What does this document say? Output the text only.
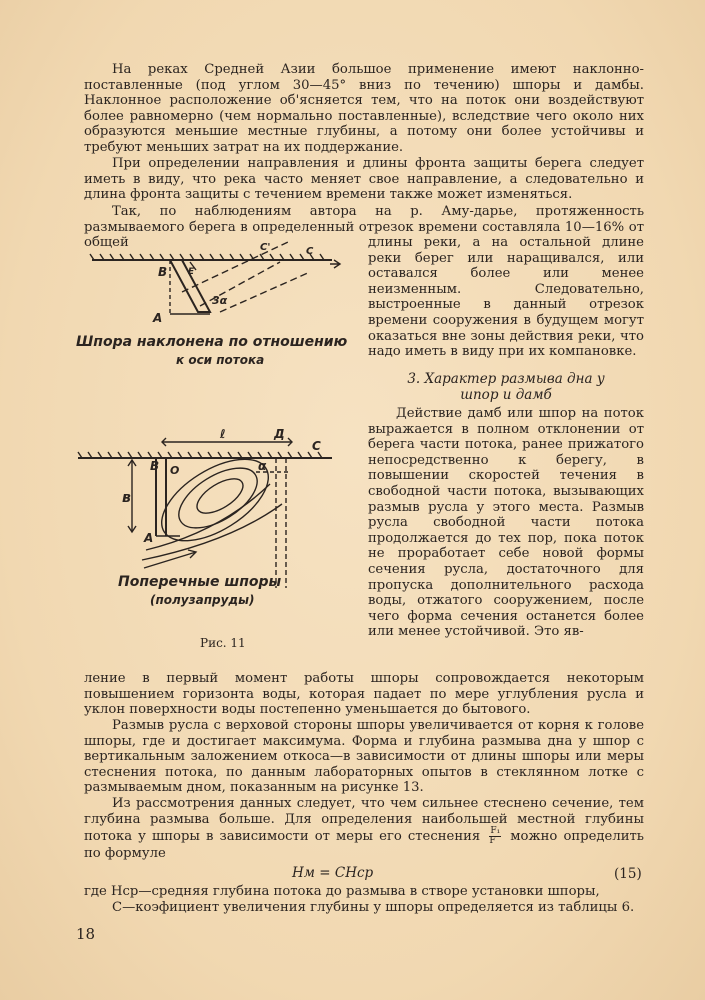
На реках Средней Азии большое применение имеют наклонно-поставленные (под углом 30—45° вниз по течению) шпоры и дамбы. Наклонное расположение об'ясняется тем, что на поток они воздействуют более равномерно (чем нормально поставленные), вследствие чего около них образуются меньшие местные глубины, а потому они более устойчивы и требуют меньших затрат на их поддержание.

При определении направления и длины фронта защиты берега следует иметь в виду, что река часто меняет свое направление, а следовательно и длина фронта защиты с течением времени также может изменяться.

Так, по наблюдениям автора на р. Аму-дарье, протяженность размываемого берега в определенный отрезок времени составляла 10—16% от общей	длины реки, а на остальной длине реки берег или наращивался, или оставался более или менее неизменным. Следовательно, выстроенные в данный отрезок времени сооружения в будущем могут оказаться вне зоны действия реки, что надо иметь в виду при их компановке.

3. Характер размыва дна у
шпор и дамб

Действие дамб или шпор на поток выражается в полном отклонении от берега части потока, ранее прижатого непосредственно к берегу, в повышении скоростей течения в свободной части потока, вызывающих размыв русла у этого места. Размыв русла свободной части потока продолжается до тех пор, пока поток не проработает себе новой формы сечения русла, достаточного для пропуска дополнительного расхода воды, отжатого сооружением, после чего форма сечения останется более или менее устойчивой. Это яв-

ление в первый момент работы шпоры сопровождается некоторым повышением горизонта воды, которая падает по мере углубления русла и уклон поверхности воды постепенно уменьшается до бытового.

Размыв русла с верховой стороны шпоры увеличивается от корня к голове шпоры, где и достигает максимума. Форма и глубина размыва дна у шпор с вертикальным заложением откоса—в зависимости от длины шпоры или меры стеснения потока, по данным лабораторных опытов в стеклянном лотке с размываемым дном, показанным на рисунке 13.

Из рассмотрения данных следует, что чем сильнее стеснено сечение, тем глубина размыва больше. Для определения наибольшей местной глубины потока у шпоры в зависимости от меры его стеснения $\frac{\text{F₁}}{F}$ можно определить по формуле

Hм = CHср	(15)

где Hср—средняя глубина потока до размыва в створе установки шпоры,

C—коэфициент увеличения глубины у шпоры определяется из таблицы 6.

В
А
Е
C'	C
3α
Шпора наклонена по отношению
к оси потока
В О
А
ℓ	Д
C
α
в
Поперечные шпоры
(полузапруды)
Рис. 11
18
